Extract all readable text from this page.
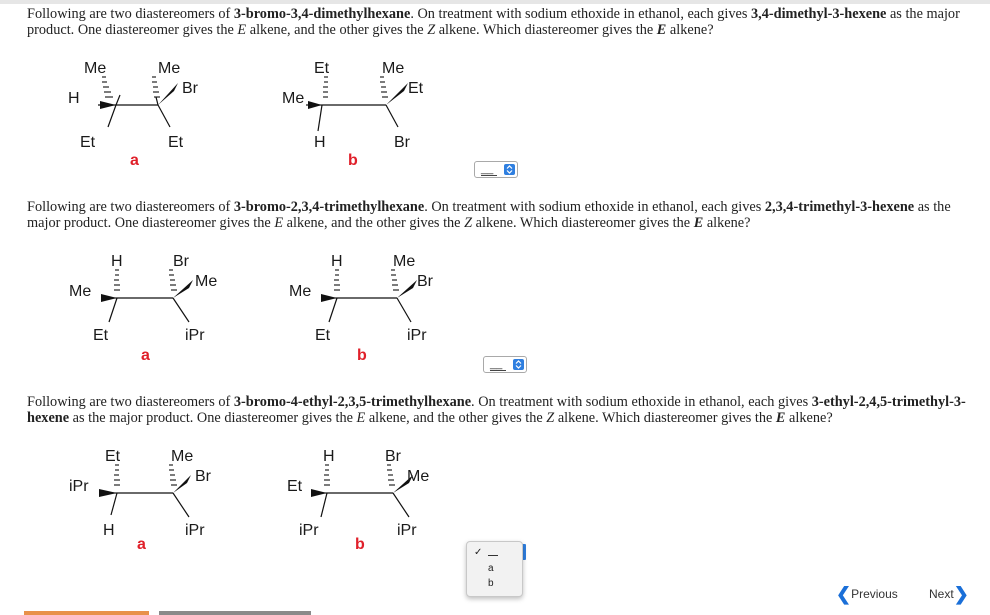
Following are two diastereomers of 3-bromo-3,4-dimethylhexane. On treatment with sodium ethoxide in ethanol, each gives 3,4-dimethyl-3-hexene as the major product. One diastereomer gives the E alkene, and the other gives the Z alkene. Which diastereomer gives the E alkene?
Me	Me
H
Br
Et	Et
a
Et	Me
Me
Et
H	Br
b	__
Following are two diastereomers of 3-bromo-2,3,4-trimethylhexane. On treatment with sodium ethoxide in ethanol, each gives 2,3,4-trimethyl-3-hexene as the major product. One diastereomer gives the E alkene, and the other gives the Z alkene. Which diastereomer gives the E alkene?
H	Br
Me
Me
Et	iPr
a
H	Me
Me
Br
Et	iPr
b	__
Following are two diastereomers of 3-bromo-4-ethyl-2,3,5-trimethylhexane. On treatment with sodium ethoxide in ethanol, each gives 3-ethyl-2,4,5-trimethyl-3-hexene as the major product. One diastereomer gives the E alkene, and the other gives the Z alkene. Which diastereomer gives the E alkene?
Et	Me
iPr
Br
H	iPr
a
H	Br
Et
Me
iPr	iPr
b	✓
a
b
❮Previous	Next❯
